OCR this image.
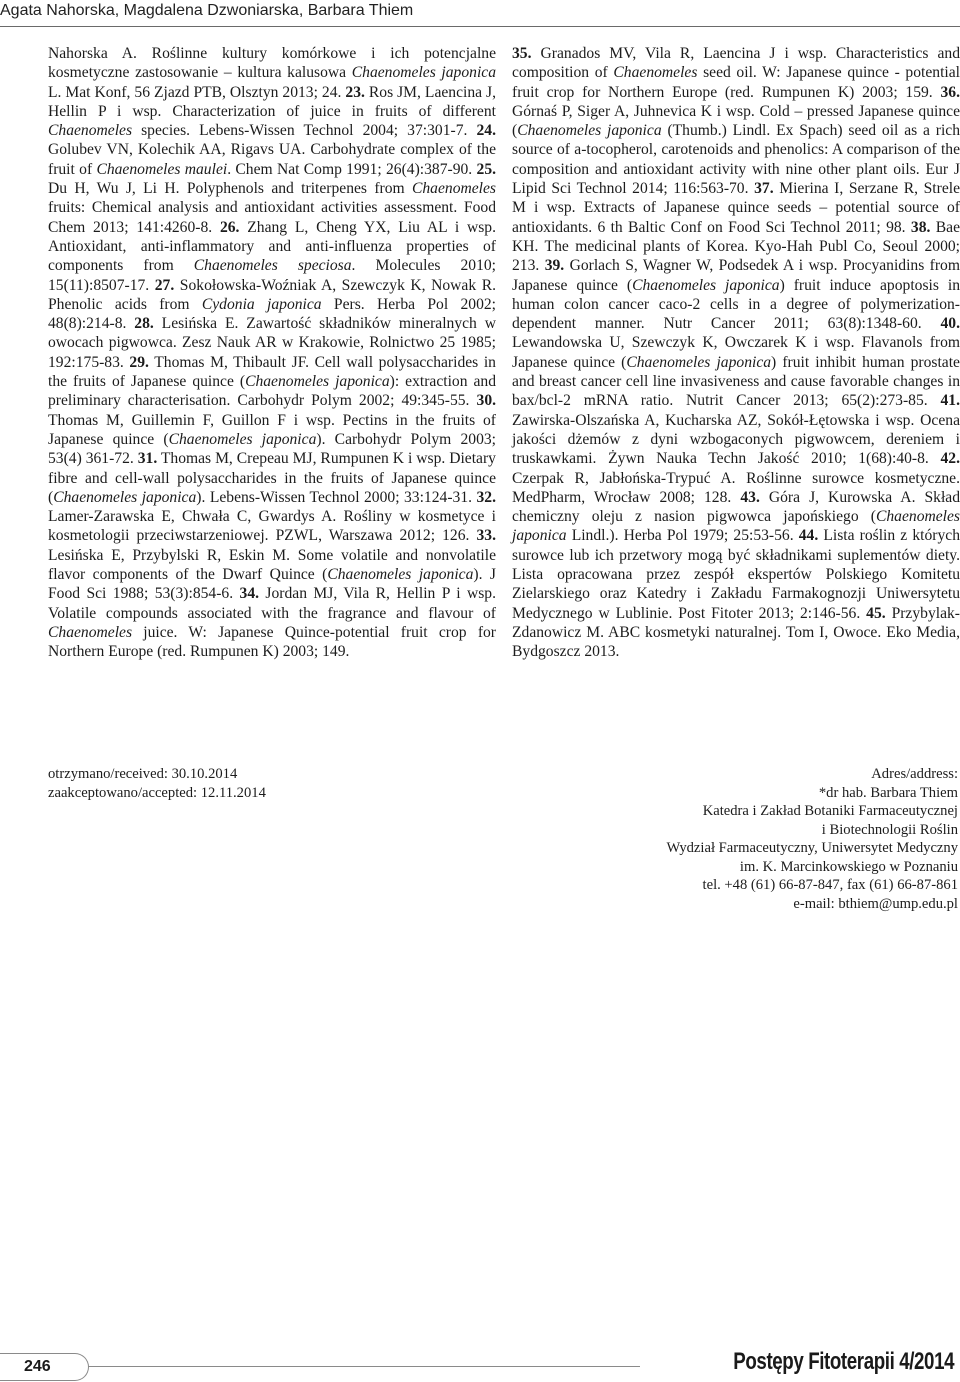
Agata Nahorska, Magdalena Dzwoniarska, Barbara Thiem
Nahorska A. Roślinne kultury komórkowe i ich potencjalne kosmetyczne zastosowanie – kultura kalusowa Chaenomeles japonica L. Mat Konf, 56 Zjazd PTB, Olsztyn 2013; 24. 23. Ros JM, Laencina J, Hellin P i wsp. Characterization of juice in fruits of different Chaenomeles species. Lebens-Wissen Technol 2004; 37:301-7. 24. Golubev VN, Kolechik AA, Rigavs UA. Carbohydrate complex of the fruit of Chaenomeles maulei. Chem Nat Comp 1991; 26(4):387-90. 25. Du H, Wu J, Li H. Polyphenols and triterpenes from Chaenomeles fruits: Chemical analysis and antioxidant activities assessment. Food Chem 2013; 141:4260-8. 26. Zhang L, Cheng YX, Liu AL i wsp. Antioxidant, anti-inflammatory and anti-influenza properties of components from Chaenomeles speciosa. Molecules 2010; 15(11):8507-17. 27. Sokołowska-Woźniak A, Szewczyk K, Nowak R. Phenolic acids from Cydonia japonica Pers. Herba Pol 2002; 48(8):214-8. 28. Lesińska E. Zawartość składników mineralnych w owocach pigwowca. Zesz Nauk AR w Krakowie, Rolnictwo 25 1985; 192:175-83. 29. Thomas M, Thibault JF. Cell wall polysaccharides in the fruits of Japanese quince (Chaenomeles japonica): extraction and preliminary characterisation. Carbohydr Polym 2002; 49:345-55. 30. Thomas M, Guillemin F, Guillon F i wsp. Pectins in the fruits of Japanese quince (Chaenomeles japonica). Carbohydr Polym 2003; 53(4) 361-72. 31. Thomas M, Crepeau MJ, Rumpunen K i wsp. Dietary fibre and cell-wall polysaccharides in the fruits of Japanese quince (Chaenomeles japonica). Lebens-Wissen Technol 2000; 33:124-31. 32. Lamer-Zarawska E, Chwała C, Gwardys A. Rośliny w kosmetyce i kosmetologii przeciwstarzeniowej. PZWL, Warszawa 2012; 126. 33. Lesińska E, Przybylski R, Eskin M. Some volatile and nonvolatile flavor components of the Dwarf Quince (Chaenomeles japonica). J Food Sci 1988; 53(3):854-6. 34. Jordan MJ, Vila R, Hellin P i wsp. Volatile compounds associated with the fragrance and flavour of Chaenomeles juice. W: Japanese Quince-potential fruit crop for Northern Europe (red. Rumpunen K) 2003; 149.
35. Granados MV, Vila R, Laencina J i wsp. Characteristics and composition of Chaenomeles seed oil. W: Japanese quince - potential fruit crop for Northern Europe (red. Rumpunen K) 2003; 159. 36. Górnaś P, Siger A, Juhnevica K i wsp. Cold – pressed Japanese quince (Chaenomeles japonica (Thumb.) Lindl. Ex Spach) seed oil as a rich source of a-tocopherol, carotenoids and phenolics: A comparison of the composition and antioxidant activity with nine other plant oils. Eur J Lipid Sci Technol 2014; 116:563-70. 37. Mierina I, Serzane R, Strele M i wsp. Extracts of Japanese quince seeds – potential source of antioxidants. 6 th Baltic Conf on Food Sci Technol 2011; 98. 38. Bae KH. The medicinal plants of Korea. Kyo-Hah Publ Co, Seoul 2000; 213. 39. Gorlach S, Wagner W, Podsedek A i wsp. Procyanidins from Japanese quince (Chaenomeles japonica) fruit induce apoptosis in human colon cancer caco-2 cells in a degree of polymerization-dependent manner. Nutr Cancer 2011; 63(8):1348-60. 40. Lewandowska U, Szewczyk K, Owczarek K i wsp. Flavanols from Japanese quince (Chaenomeles japonica) fruit inhibit human prostate and breast cancer cell line invasiveness and cause favorable changes in bax/bcl-2 mRNA ratio. Nutrit Cancer 2013; 65(2):273-85. 41. Zawirska-Olszańska A, Kucharska AZ, Sokół-Łętowska i wsp. Ocena jakości dżemów z dyni wzbogaconych pigwowcem, dereniem i truskawkami. Żywn Nauka Techn Jakość 2010; 1(68):40-8. 42. Czerpak R, Jabłońska-Trypuć A. Roślinne surowce kosmetyczne. MedPharm, Wrocław 2008; 128. 43. Góra J, Kurowska A. Skład chemiczny oleju z nasion pigwowca japońskiego (Chaenomeles japonica Lindl.). Herba Pol 1979; 25:53-56. 44. Lista roślin z których surowce lub ich przetwory mogą być składnikami suplementów diety. Lista opracowana przez zespół ekspertów Polskiego Komitetu Zielarskiego oraz Katedry i Zakładu Farmakognozji Uniwersytetu Medycznego w Lublinie. Post Fitoter 2013; 2:146-56. 45. Przybylak-Zdanowicz M. ABC kosmetyki naturalnej. Tom I, Owoce. Eko Media, Bydgoszcz 2013.
otrzymano/received: 30.10.2014
zaakceptowano/accepted: 12.11.2014
Adres/address:
*dr hab. Barbara Thiem
Katedra i Zakład Botaniki Farmaceutycznej
i Biotechnologii Roślin
Wydział Farmaceutyczny, Uniwersytet Medyczny
im. K. Marcinkowskiego w Poznaniu
tel. +48 (61) 66-87-847, fax (61) 66-87-861
e-mail: bthiem@ump.edu.pl
246	Postępy Fitoterapii 4/2014
